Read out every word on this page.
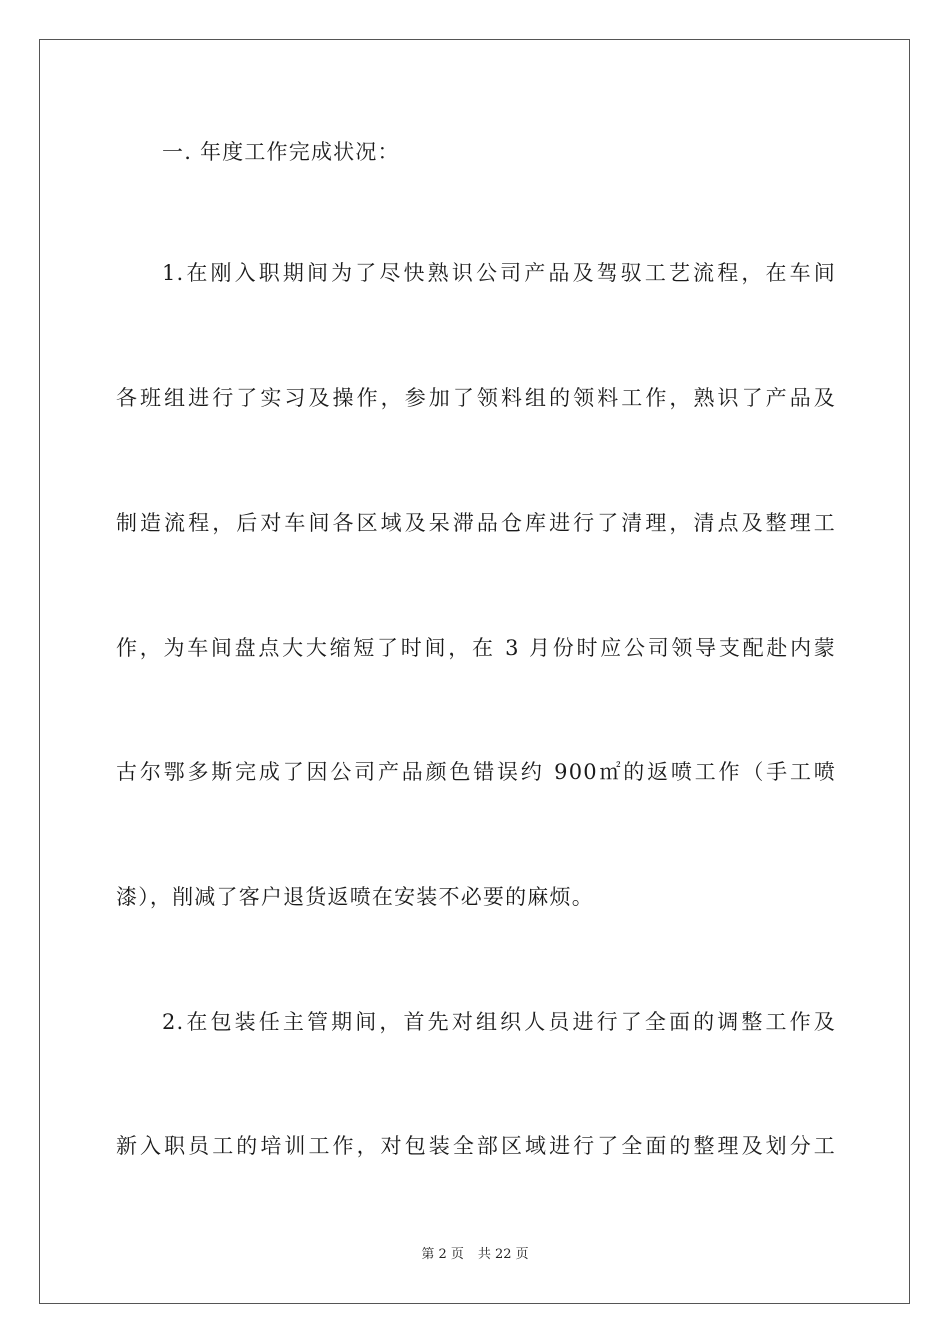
一. 年度工作完成状况：
1.在刚入职期间为了尽快熟识公司产品及驾驭工艺流程，在车间
各班组进行了实习及操作，参加了领料组的领料工作，熟识了产品及
制造流程，后对车间各区域及呆滞品仓库进行了清理，清点及整理工
作，为车间盘点大大缩短了时间，在 3 月份时应公司领导支配赴内蒙
古尔鄂多斯完成了因公司产品颜色错误约 900㎡的返喷工作（手工喷
漆），削减了客户退货返喷在安装不必要的麻烦。
2.在包装任主管期间，首先对组织人员进行了全面的调整工作及
新入职员工的培训工作，对包装全部区域进行了全面的整理及划分工
第 2 页 共 22 页
